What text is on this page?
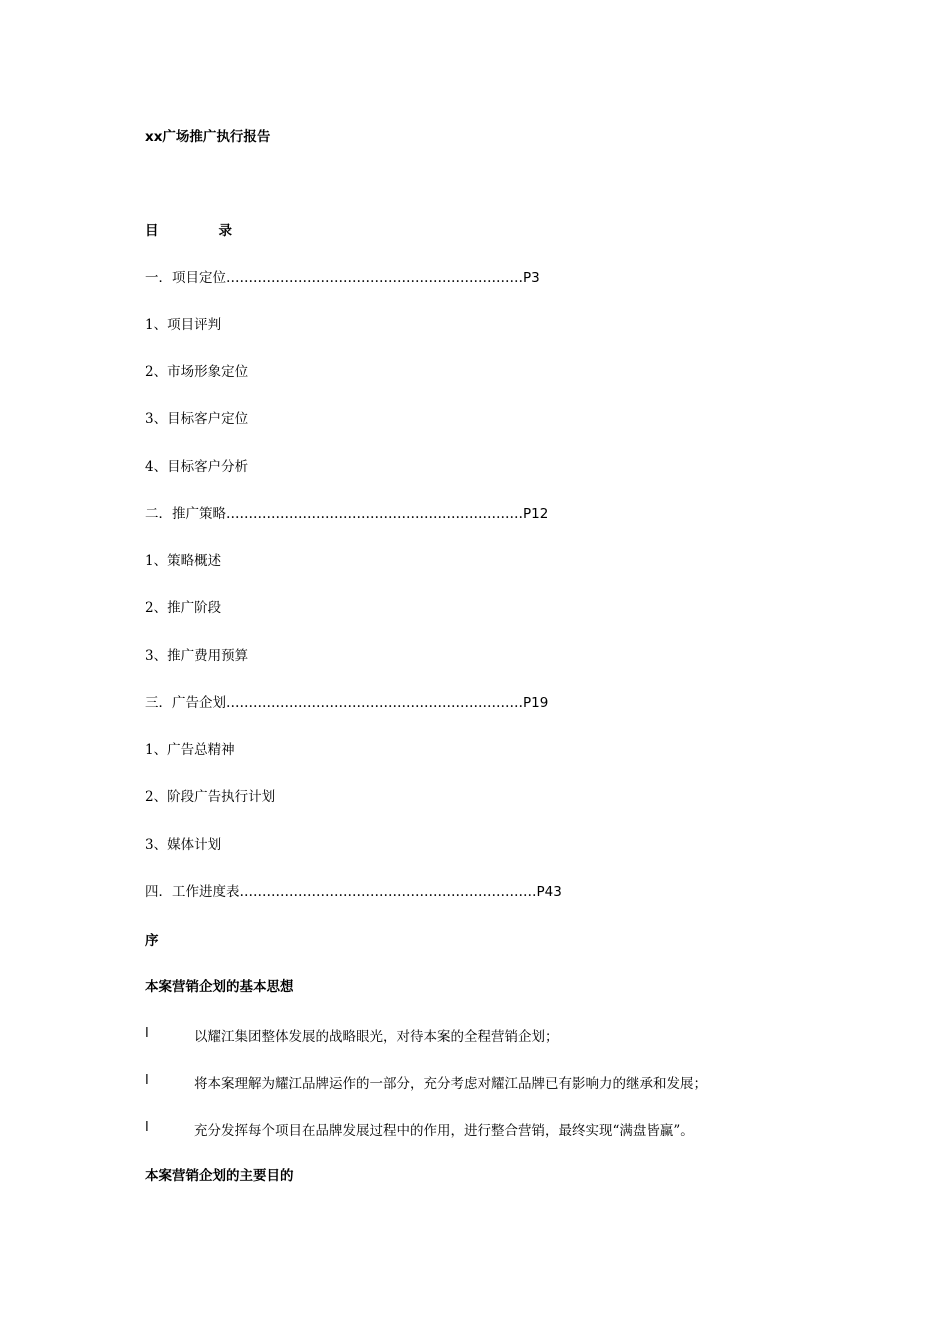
xx广场推广执行报告
目	录
一．项目定位…………………………………………………………P3
1、项目评判
2、市场形象定位
3、目标客户定位
4、目标客户分析
二．推广策略…………………………………………………………P12
1、策略概述
2、推广阶段
3、推广费用预算
三．广告企划…………………………………………………………P19
1、广告总精神
2、阶段广告执行计划
3、媒体计划
四．工作进度表…………………………………………………………P43
序
本案营销企划的基本思想
l	以耀江集团整体发展的战略眼光，对待本案的全程营销企划；
l	将本案理解为耀江品牌运作的一部分，充分考虑对耀江品牌已有影响力的继承和发展；
l	充分发挥每个项目在品牌发展过程中的作用，进行整合营销，最终实现“满盘皆赢”。
本案营销企划的主要目的
